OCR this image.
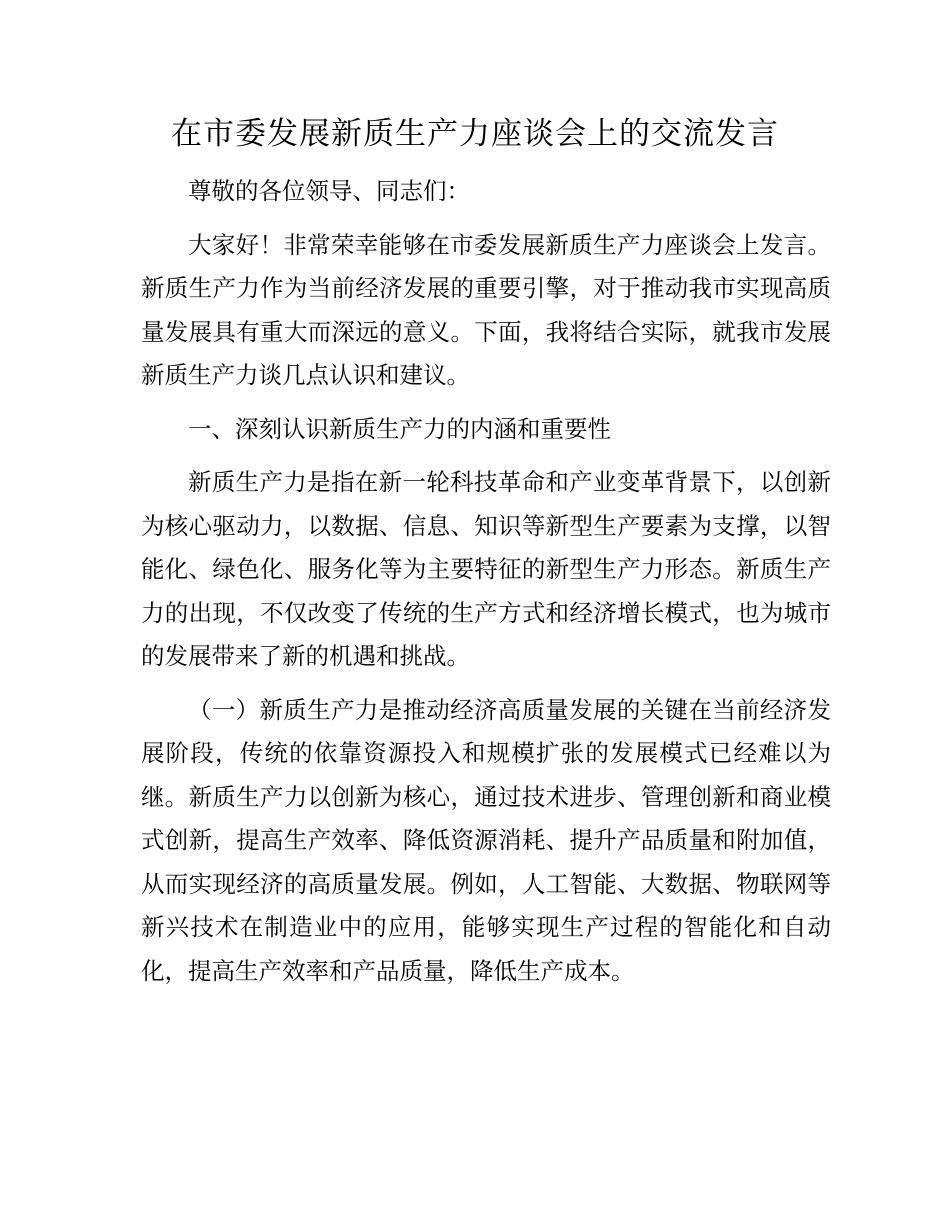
在市委发展新质生产力座谈会上的交流发言

尊敬的各位领导、同志们：

大家好！非常荣幸能够在市委发展新质生产力座谈会上发言。新质生产力作为当前经济发展的重要引擎，对于推动我市实现高质量发展具有重大而深远的意义。下面，我将结合实际，就我市发展新质生产力谈几点认识和建议。

一、深刻认识新质生产力的内涵和重要性

新质生产力是指在新一轮科技革命和产业变革背景下，以创新为核心驱动力，以数据、信息、知识等新型生产要素为支撑，以智能化、绿色化、服务化等为主要特征的新型生产力形态。新质生产力的出现，不仅改变了传统的生产方式和经济增长模式，也为城市的发展带来了新的机遇和挑战。

（一）新质生产力是推动经济高质量发展的关键在当前经济发展阶段，传统的依靠资源投入和规模扩张的发展模式已经难以为继。新质生产力以创新为核心，通过技术进步、管理创新和商业模式创新，提高生产效率、降低资源消耗、提升产品质量和附加值，从而实现经济的高质量发展。例如，人工智能、大数据、物联网等新兴技术在制造业中的应用，能够实现生产过程的智能化和自动化，提高生产效率和产品质量，降低生产成本。
